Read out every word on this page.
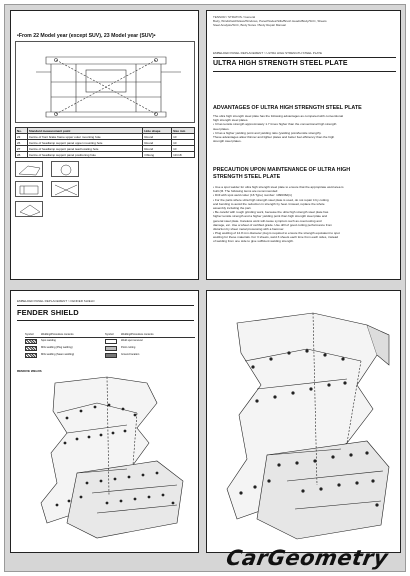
•From 22 Model year (except SUV), 23 Model year (SUV)•
No.	Standard measurement point	Hole shape	Size mm
23	Centre of front brake frame upper outer mounting hole	Round	10
26	Centre of headlamp support panel upper mounting hole	Round	10
27	Centre of headlamp support panel lead locating hole	Round	10
28	Centre of headlamp support panel positioning hole	Oblong	13×18
TENSOR / STRATOS / General
Body, Windshield/Glass/Windows, Panel/Nodes/Sills/Brush Heads/Body/SCC, Sheets
Steel Analysis/SCC, Body Notes / Body Repair Manual
EMBELDED PANEL REPLACEMENT > ULTRA HIGH STRENGTH STEEL PLATE
ULTRA HIGH STRENGTH STEEL PLATE
ADVANTAGES OF ULTRA HIGH STRENGTH STEEL PLATE
The ultra high strength steel plate has the following advantages as compared with conventional
high strength steel plates.
• It has tensile strength approximately 1.7 times higher than the conventional high strength
steel plates.
• It has a higher yielding point and yielding ratio (yielding point/tensile strength).
These advantages allow thinner and lighter plates and better fuel efficiency than the high
strength steel plates.
PRECAUTION UPON MAINTENANCE OF ULTRA HIGH
STRENGTH STEEL PLATE
• Use a spot welder for ultra high strength steel plate to ensure that the appropriate weld area is
built (M. The following items are recommended:
• Drill with spot weld cutter (16 Type) number: 1096362(1)
• For the parts where ultra high strength steel plate is used, do not repair it by cutting
and bending to avoid the reduction in strength by heat. Instead, replace the whole
assembly including the part.
• Be careful with rough grinding work, because the ultra high strength steel plate has
higher tensile strength and a higher yielding point than high strength steel plate and
general steel plate. Careless work will cause symptom such as overcooling and
damage, etc. Use a wheel of certified grade. Use drill of good cutting performance from
distortion by sheet metal processing with a hammer.
• Plug welding of 12.8 mm diameter plug is required to ensure the strength equivalent to spot
welding for these materials. For 3 sheets, weld 3 sheets each time from each sides, instead
of welding from one side to give sufficient welding strength.
EMBELDED PANEL REPLACEMENT > FENDER SHIELD
FENDER SHIELD
Symbol	Welding/Procedure contents	Symbol	Welding/Procedure contents
Spot welding	Weld spot removal
MIG welding (Plug welding)	Point cutting
MIG welding (Seam welding)	Ground location
REMOVE WELDS
CarGeometry
